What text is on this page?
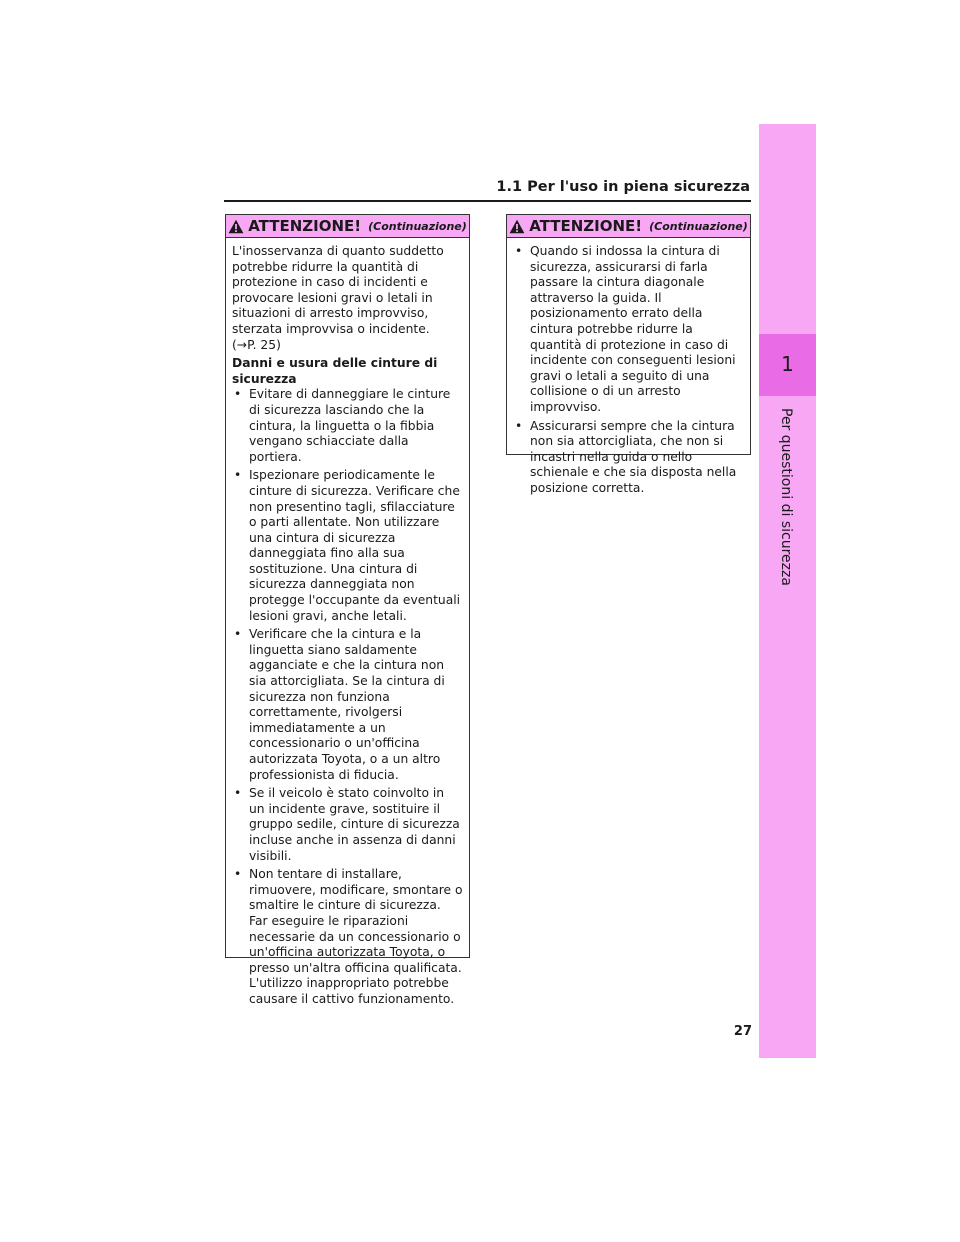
1
Per questioni di sicurezza
1.1 Per l'uso in piena sicurezza
ATTENZIONE! (Continuazione)

L'inosservanza di quanto suddetto potrebbe ridurre la quantità di protezione in caso di incidenti e provocare lesioni gravi o letali in situazioni di arresto improvviso, sterzata improvvisa o incidente.

(→P. 25)

Danni e usura delle cinture di sicurezza

• Evitare di danneggiare le cinture di sicurezza lasciando che la cintura, la linguetta o la fibbia vengano schiacciate dalla portiera.
• Ispezionare periodicamente le cinture di sicurezza. Verificare che non presentino tagli, sfilacciature o parti allentate. Non utilizzare una cintura di sicurezza danneggiata fino alla sua sostituzione. Una cintura di sicurezza danneggiata non protegge l'occupante da eventuali lesioni gravi, anche letali.
• Verificare che la cintura e la linguetta siano saldamente agganciate e che la cintura non sia attorcigliata. Se la cintura di sicurezza non funziona correttamente, rivolgersi immediatamente a un concessionario o un'officina autorizzata Toyota, o a un altro professionista di fiducia.
• Se il veicolo è stato coinvolto in un incidente grave, sostituire il gruppo sedile, cinture di sicurezza incluse anche in assenza di danni visibili.
• Non tentare di installare, rimuovere, modificare, smontare o smaltire le cinture di sicurezza. Far eseguire le riparazioni necessarie da un concessionario o un'officina autorizzata Toyota, o presso un'altra officina qualificata. L'utilizzo inappropriato potrebbe causare il cattivo funzionamento.
ATTENZIONE! (Continuazione)
• Quando si indossa la cintura di sicurezza, assicurarsi di farla passare la cintura diagonale attraverso la guida. Il posizionamento errato della cintura potrebbe ridurre la quantità di protezione in caso di incidente con conseguenti lesioni gravi o letali a seguito di una collisione o di un arresto improvviso.
• Assicurarsi sempre che la cintura non sia attorcigliata, che non si incastri nella guida o nello schienale e che sia disposta nella posizione corretta.
27
